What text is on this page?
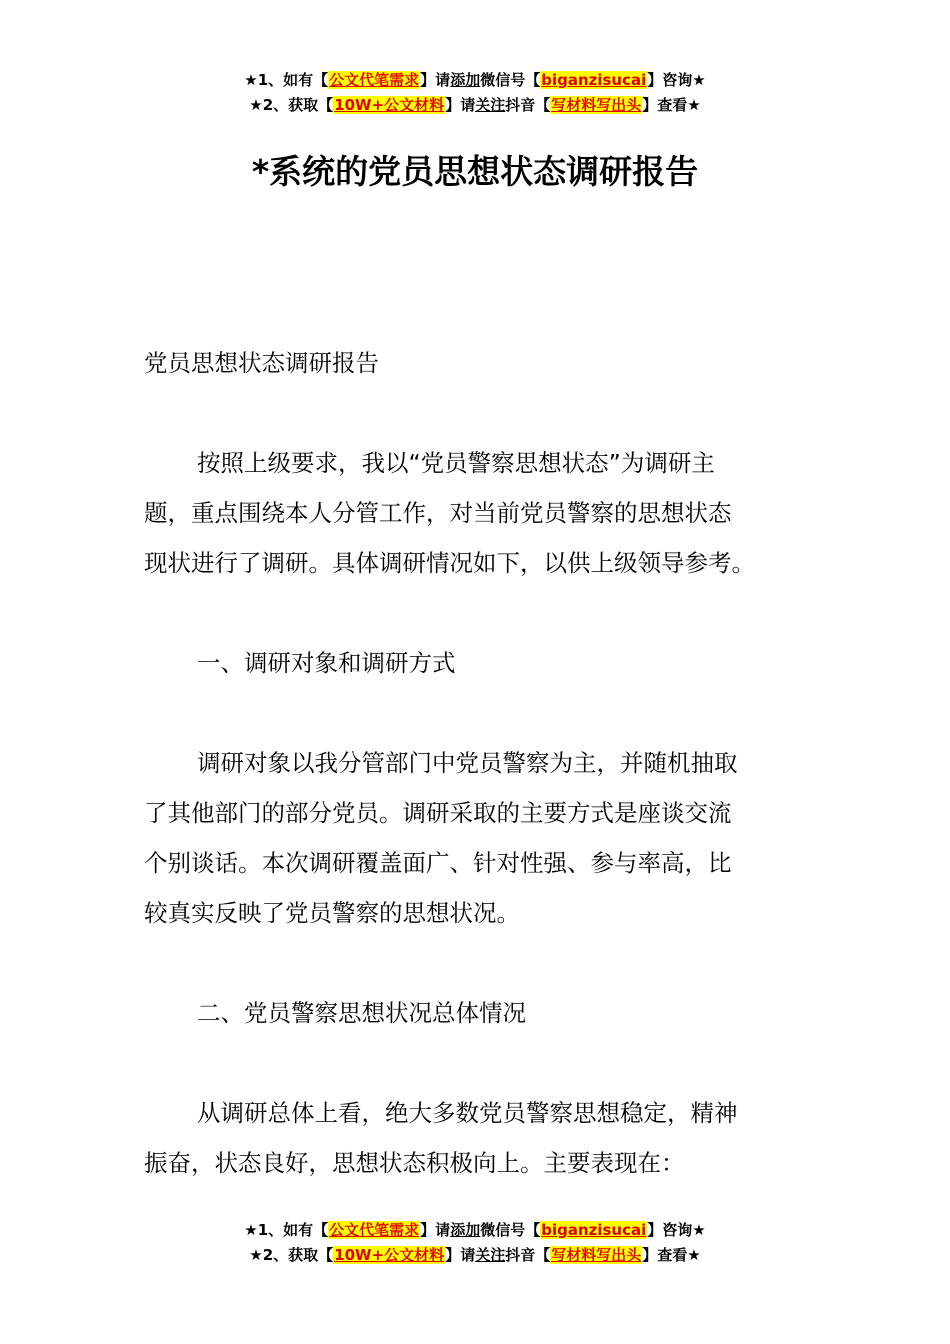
★1、如有【公文代笔需求】请添加微信号【biganzisucai】咨询★
★2、获取【10W+公文材料】请关注抖音【写材料写出头】查看★
*系统的党员思想状态调研报告

党员思想状态调研报告

按照上级要求，我以“党员警察思想状态”为调研主

题，重点围绕本人分管工作，对当前党员警察的思想状态

现状进行了调研。具体调研情况如下，以供上级领导参考。

一、调研对象和调研方式

调研对象以我分管部门中党员警察为主，并随机抽取

了其他部门的部分党员。调研采取的主要方式是座谈交流

个别谈话。本次调研覆盖面广、针对性强、参与率高，比

较真实反映了党员警察的思想状况。

二、党员警察思想状况总体情况

从调研总体上看，绝大多数党员警察思想稳定，精神

振奋，状态良好，思想状态积极向上。主要表现在：

★1、如有【公文代笔需求】请添加微信号【biganzisucai】咨询★
★2、获取【10W+公文材料】请关注抖音【写材料写出头】查看★
